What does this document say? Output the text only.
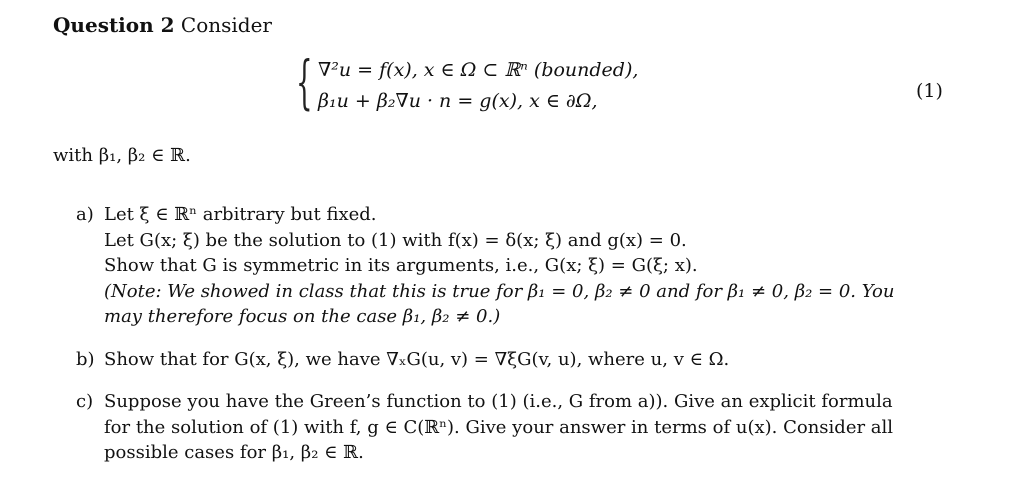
Question 2 Consider
{ ∇²u = f(x), x ∈ Ω ⊂ ℝⁿ (bounded),
β₁u + β₂∇u · n = g(x), x ∈ ∂Ω,	(1)
with β₁, β₂ ∈ ℝ.
a) Let ξ ∈ ℝⁿ arbitrary but fixed.
Let G(x; ξ) be the solution to (1) with f(x) = δ(x; ξ) and g(x) = 0.
Show that G is symmetric in its arguments, i.e., G(x; ξ) = G(ξ; x).
(Note: We showed in class that this is true for β₁ = 0, β₂ ≠ 0 and for β₁ ≠ 0, β₂ = 0. You
may therefore focus on the case β₁, β₂ ≠ 0.)
b) Show that for G(x, ξ), we have ∇ₓG(u, v) = ∇ξG(v, u), where u, v ∈ Ω.
c) Suppose you have the Green’s function to (1) (i.e., G from a)). Give an explicit formula
for the solution of (1) with f, g ∈ C(ℝⁿ). Give your answer in terms of u(x). Consider all
possible cases for β₁, β₂ ∈ ℝ.
